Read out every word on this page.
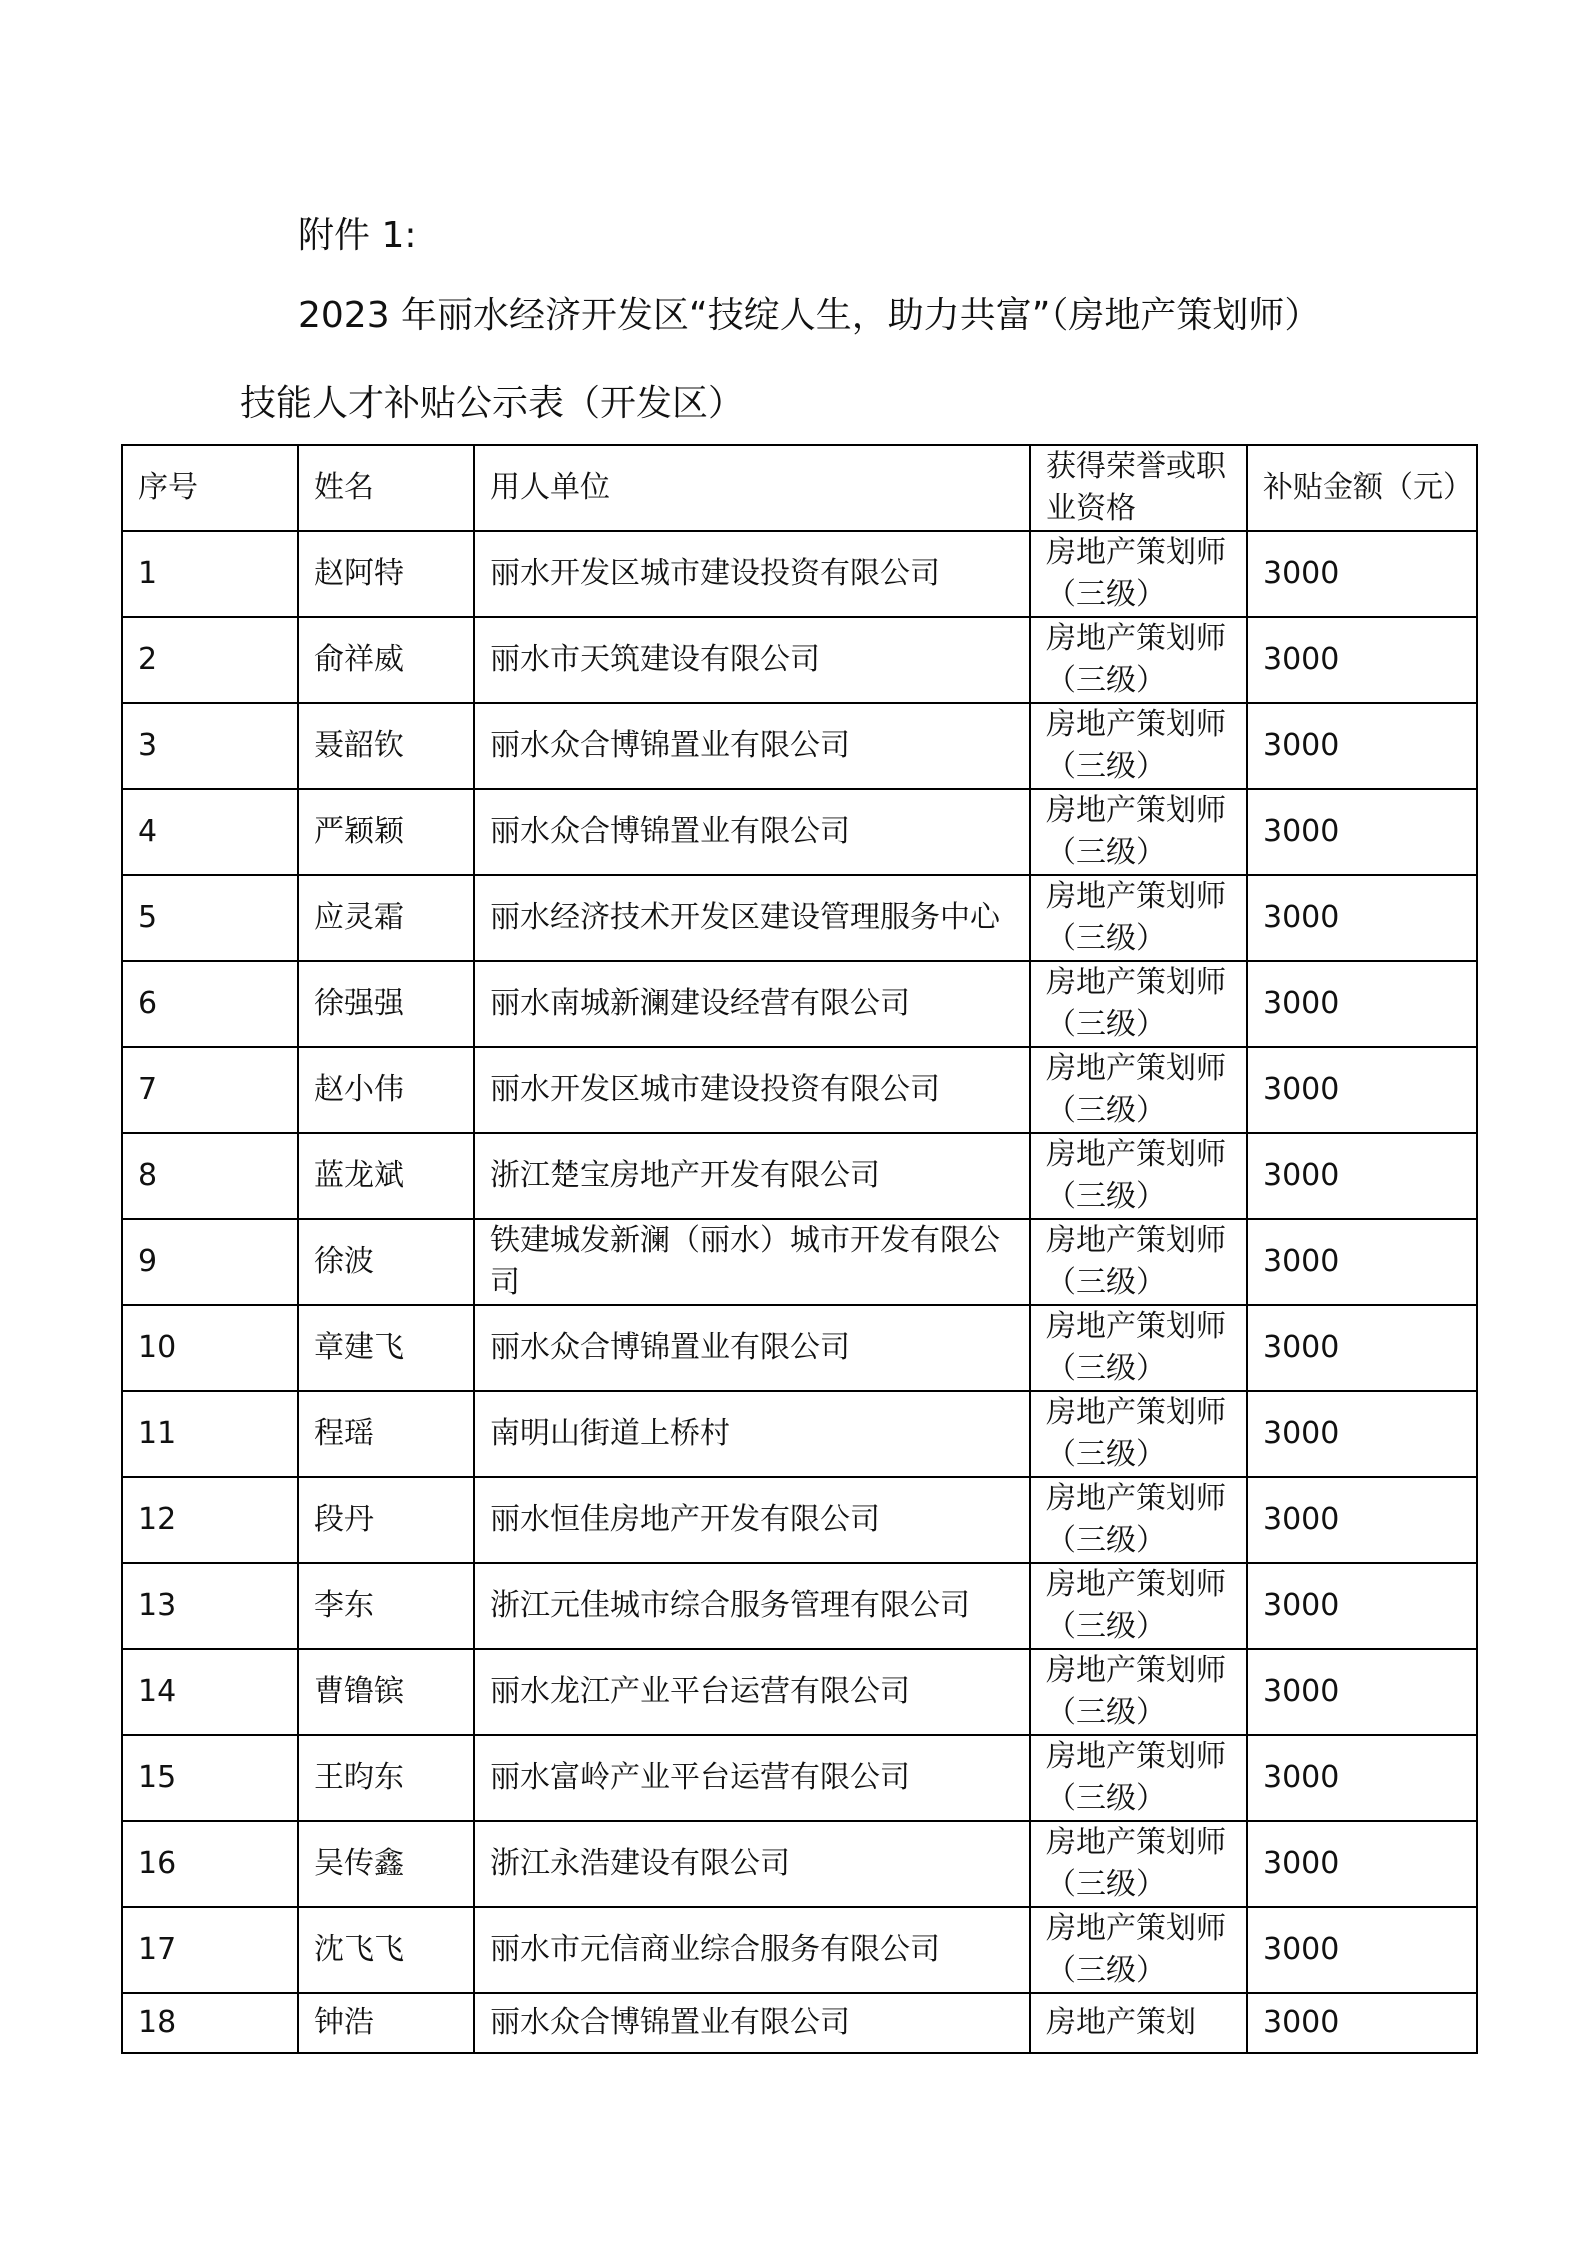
附件 1:
2023 年丽水经济开发区“技绽人生，助力共富”（房地产策划师）
技能人才补贴公示表（开发区）
序号	姓名	用人单位	获得荣誉或职业资格	补贴金额（元）
1	赵阿特	丽水开发区城市建设投资有限公司	房地产策划师（三级）	3000
2	俞祥威	丽水市天筑建设有限公司	房地产策划师（三级）	3000
3	聂韶钦	丽水众合博锦置业有限公司	房地产策划师（三级）	3000
4	严颖颖	丽水众合博锦置业有限公司	房地产策划师（三级）	3000
5	应灵霜	丽水经济技术开发区建设管理服务中心	房地产策划师（三级）	3000
6	徐强强	丽水南城新澜建设经营有限公司	房地产策划师（三级）	3000
7	赵小伟	丽水开发区城市建设投资有限公司	房地产策划师（三级）	3000
8	蓝龙斌	浙江楚宝房地产开发有限公司	房地产策划师（三级）	3000
9	徐波	铁建城发新澜（丽水）城市开发有限公司	房地产策划师（三级）	3000
10	章建飞	丽水众合博锦置业有限公司	房地产策划师（三级）	3000
11	程瑶	南明山街道上桥村	房地产策划师（三级）	3000
12	段丹	丽水恒佳房地产开发有限公司	房地产策划师（三级）	3000
13	李东	浙江元佳城市综合服务管理有限公司	房地产策划师（三级）	3000
14	曹镥镔	丽水龙江产业平台运营有限公司	房地产策划师（三级）	3000
15	王昀东	丽水富岭产业平台运营有限公司	房地产策划师（三级）	3000
16	吴传鑫	浙江永浩建设有限公司	房地产策划师（三级）	3000
17	沈飞飞	丽水市元信商业综合服务有限公司	房地产策划师（三级）	3000
18	钟浩	丽水众合博锦置业有限公司	房地产策划	3000
